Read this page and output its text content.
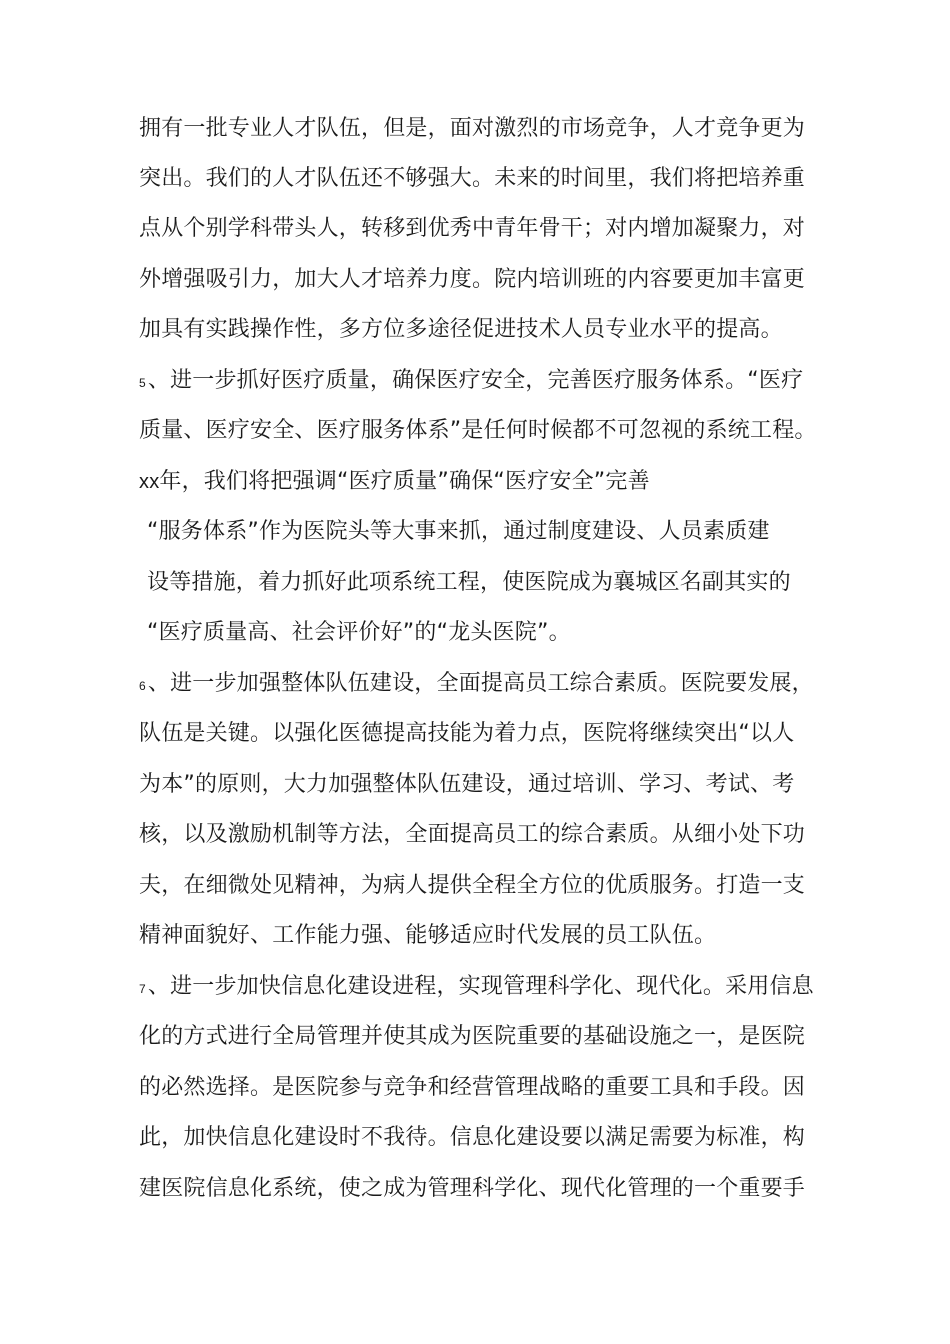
拥有一批专业人才队伍，但是，面对激烈的市场竞争，人才竞争更为
突出。我们的人才队伍还不够强大。未来的时间里，我们将把培养重
点从个别学科带头人，转移到优秀中青年骨干；对内增加凝聚力，对
外增强吸引力，加大人才培养力度。院内培训班的内容要更加丰富更
加具有实践操作性，多方位多途径促进技术人员专业水平的提高。
5、进一步抓好医疗质量，确保医疗安全，完善医疗服务体系。“医疗
质量、医疗安全、医疗服务体系”是任何时候都不可忽视的系统工程。
xx年，我们将把强调“医疗质量”确保“医疗安全”完善
“服务体系”作为医院头等大事来抓，通过制度建设、人员素质建
设等措施，着力抓好此项系统工程，使医院成为襄城区名副其实的
“医疗质量高、社会评价好”的“龙头医院”。
6、进一步加强整体队伍建设，全面提高员工综合素质。医院要发展，
队伍是关键。以强化医德提高技能为着力点，医院将继续突出“以人
为本”的原则，大力加强整体队伍建设，通过培训、学习、考试、考
核，以及激励机制等方法，全面提高员工的综合素质。从细小处下功
夫，在细微处见精神，为病人提供全程全方位的优质服务。打造一支
精神面貌好、工作能力强、能够适应时代发展的员工队伍。
7、进一步加快信息化建设进程，实现管理科学化、现代化。采用信息
化的方式进行全局管理并使其成为医院重要的基础设施之一，是医院
的必然选择。是医院参与竞争和经营管理战略的重要工具和手段。因
此，加快信息化建设时不我待。信息化建设要以满足需要为标准，构
建医院信息化系统，使之成为管理科学化、现代化管理的一个重要手
